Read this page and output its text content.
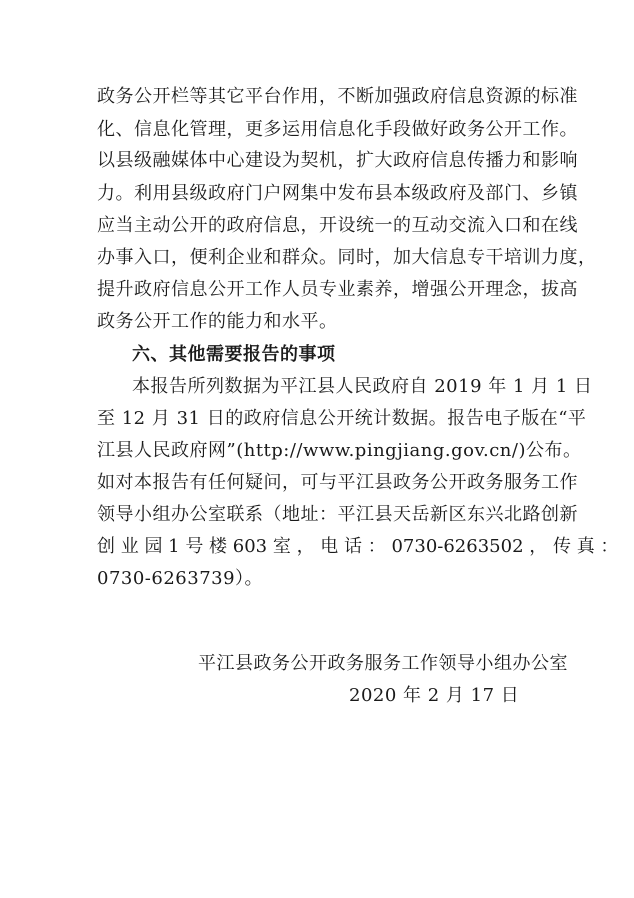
政务公开栏等其它平台作用，不断加强政府信息资源的标准
化、信息化管理，更多运用信息化手段做好政务公开工作。
以县级融媒体中心建设为契机，扩大政府信息传播力和影响
力。利用县级政府门户网集中发布县本级政府及部门、乡镇
应当主动公开的政府信息，开设统一的互动交流入口和在线
办事入口，便利企业和群众。同时，加大信息专干培训力度，
提升政府信息公开工作人员专业素养，增强公开理念，拔高
政务公开工作的能力和水平。
六、其他需要报告的事项
本报告所列数据为平江县人民政府自 2019 年 1 月 1 日
至 12 月 31 日的政府信息公开统计数据。报告电子版在“平
江县人民政府网”(http://www.pingjiang.gov.cn/)公布。
如对本报告有任何疑问，可与平江县政务公开政务服务工作
领导小组办公室联系（地址：平江县天岳新区东兴北路创新
创 业 园 1 号 楼 603 室 ， 电 话 ： 0730-6263502 ， 传 真 ：
0730-6263739）。
平江县政务公开政务服务工作领导小组办公室
2020 年 2 月 17 日
